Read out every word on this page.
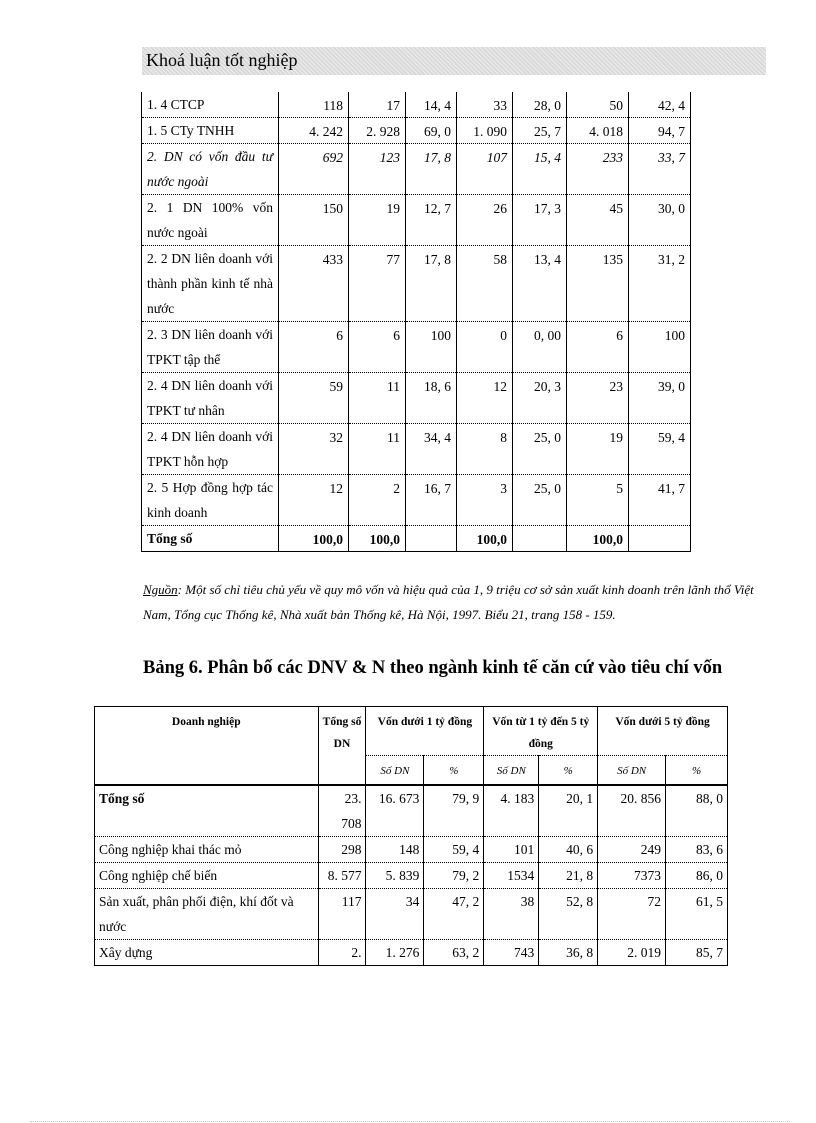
Khoá luận tốt nghiệp
1. 4 CTCP	118	17	14, 4	33	28, 0	50	42, 4
1. 5 CTy TNHH	4. 242	2. 928	69, 0	1. 090	25, 7	4. 018	94, 7
2. DN có vốn đầu tư nước ngoài	692	123	17, 8	107	15, 4	233	33, 7
2. 1 DN 100% vốn nước ngoài	150	19	12, 7	26	17, 3	45	30, 0
2. 2 DN liên doanh với thành phần kinh tế nhà nước	433	77	17, 8	58	13, 4	135	31, 2
2. 3 DN liên doanh với TPKT tập thể	6	6	100	0	0, 00	6	100
2. 4 DN liên doanh với TPKT tư nhân	59	11	18, 6	12	20, 3	23	39, 0
2. 4 DN liên doanh với TPKT hỗn hợp	32	11	34, 4	8	25, 0	19	59, 4
2. 5 Hợp đồng hợp tác kinh doanh	12	2	16, 7	3	25, 0	5	41, 7
Tổng số	100,0	100,0		100,0		100,0	
Nguồn: Một số chỉ tiêu chủ yếu về quy mô vốn và hiệu quả của 1, 9 triệu cơ sở sản xuất kinh doanh trên lãnh thổ Việt Nam, Tổng cục Thống kê, Nhà xuất bản Thống kê, Hà Nội, 1997. Biểu 21, trang 158 - 159.
Bảng 6. Phân bố các DNV & N theo ngành kinh tế căn cứ vào tiêu chí vốn
Doanh nghiệp	Tổng số DN	Vốn dưới 1 tỷ đồng		Vốn từ 1 tỷ đến 5 tỷ đồng		Vốn dưới 5 tỷ đồng	
		Số DN	%	Số DN	%	Số DN	%
Tổng số	23. 708	16. 673	79, 9	4. 183	20, 1	20. 856	88, 0
Công nghiệp khai thác mỏ	298	148	59, 4	101	40, 6	249	83, 6
Công nghiệp chế biến	8. 577	5. 839	79, 2	1534	21, 8	7373	86, 0
Sản xuất, phân phối điện, khí đốt và nước	117	34	47, 2	38	52, 8	72	61, 5
Xây dựng	2.	1. 276	63, 2	743	36, 8	2. 019	85, 7
